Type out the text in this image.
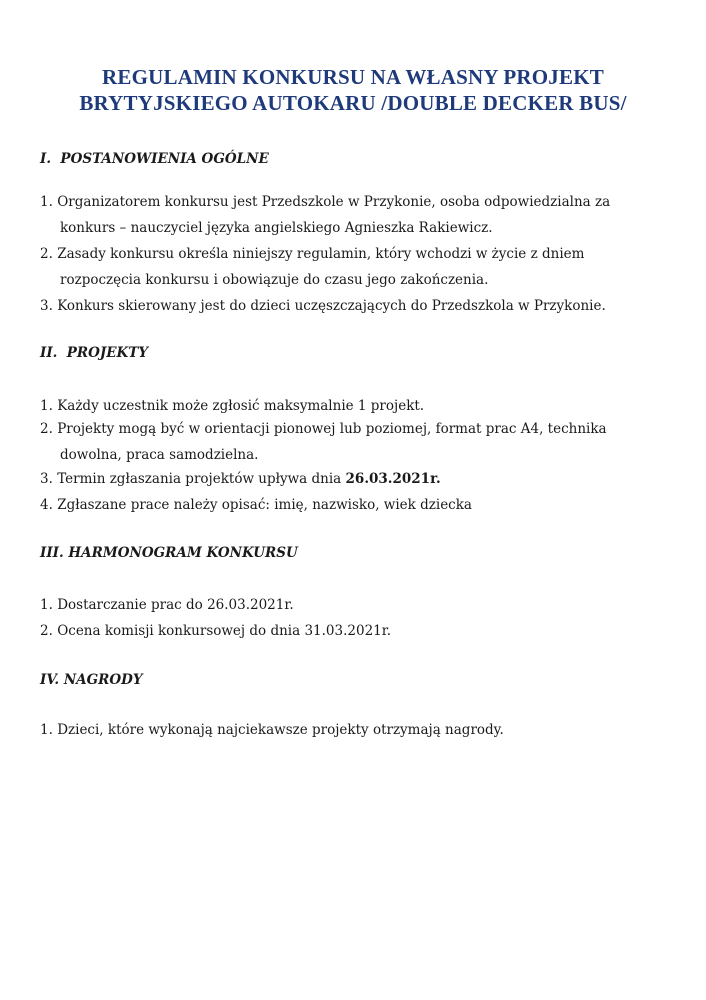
REGULAMIN KONKURSU NA WŁASNY PROJEKT
BRYTYJSKIEGO AUTOKARU /DOUBLE DECKER BUS/
I. POSTANOWIENIA OGÓLNE
1. Organizatorem konkursu jest Przedszkole w Przykonie, osoba odpowiedzialna za
konkurs – nauczyciel języka angielskiego Agnieszka Rakiewicz.
2. Zasady konkursu określa niniejszy regulamin, który wchodzi w życie z dniem
rozpoczęcia konkursu i obowiązuje do czasu jego zakończenia.
3. Konkurs skierowany jest do dzieci uczęszczających do Przedszkola w Przykonie.
II. PROJEKTY
1. Każdy uczestnik może zgłosić maksymalnie 1 projekt.
2. Projekty mogą być w orientacji pionowej lub poziomej, format prac A4, technika
dowolna, praca samodzielna.
3. Termin zgłaszania projektów upływa dnia 26.03.2021r.
4. Zgłaszane prace należy opisać: imię, nazwisko, wiek dziecka
III. HARMONOGRAM KONKURSU
1. Dostarczanie prac do 26.03.2021r.
2. Ocena komisji konkursowej do dnia 31.03.2021r.
IV. NAGRODY
1. Dzieci, które wykonają najciekawsze projekty otrzymają nagrody.
